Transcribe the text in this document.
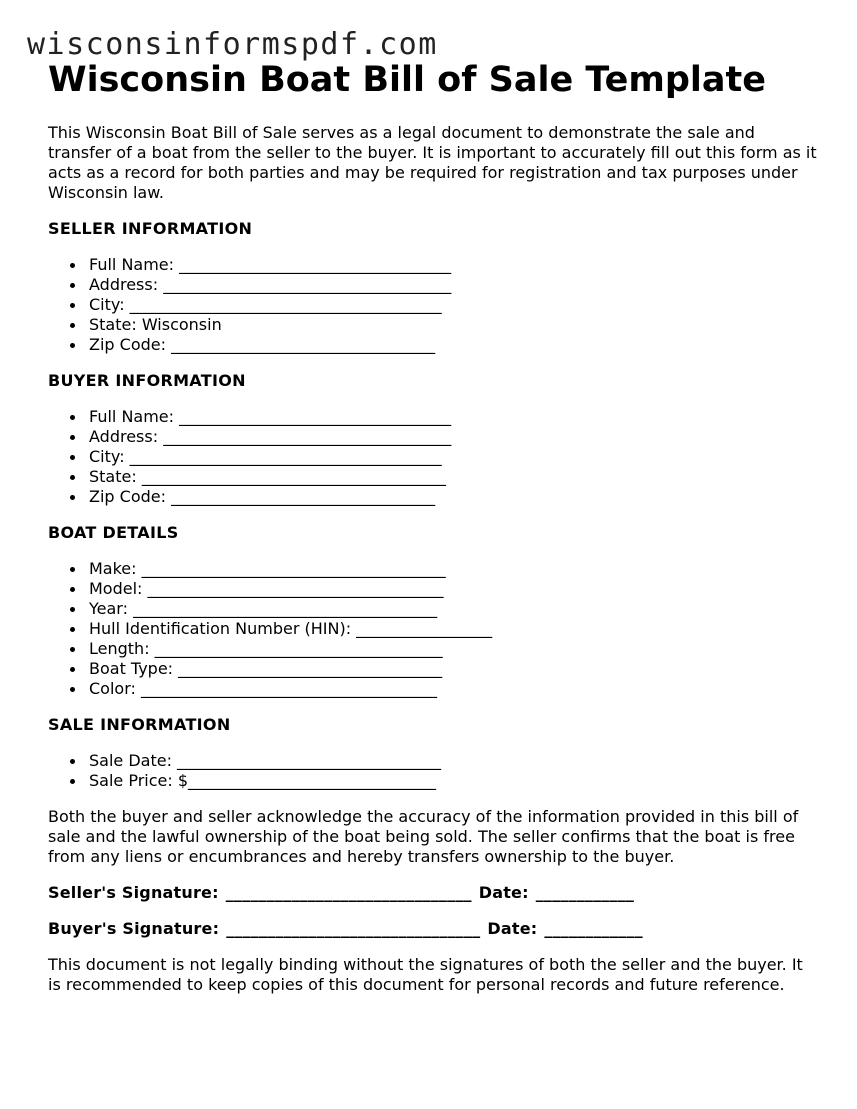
wisconsinformspdf.com
Wisconsin Boat Bill of Sale Template

This Wisconsin Boat Bill of Sale serves as a legal document to demonstrate the sale and transfer of a boat from the seller to the buyer. It is important to accurately fill out this form as it acts as a record for both parties and may be required for registration and tax purposes under Wisconsin law.

SELLER INFORMATION
Full Name: __________________________________
Address: ____________________________________
City: _______________________________________
State: Wisconsin
Zip Code: _________________________________
BUYER INFORMATION
Full Name: __________________________________
Address: ____________________________________
City: _______________________________________
State: ______________________________________
Zip Code: _________________________________
BOAT DETAILS
Make: ______________________________________
Model: _____________________________________
Year: ______________________________________
Hull Identification Number (HIN): _________________
Length: ____________________________________
Boat Type: _________________________________
Color: _____________________________________
SALE INFORMATION
Sale Date: _________________________________
Sale Price: $_______________________________

Both the buyer and seller acknowledge the accuracy of the information provided in this bill of sale and the lawful ownership of the boat being sold. The seller confirms that the boat is free from any liens or encumbrances and hereby transfers ownership to the buyer.

Seller's Signature: ______________________________ Date: ____________

Buyer's Signature: _______________________________ Date: ____________

This document is not legally binding without the signatures of both the seller and the buyer. It is recommended to keep copies of this document for personal records and future reference.
